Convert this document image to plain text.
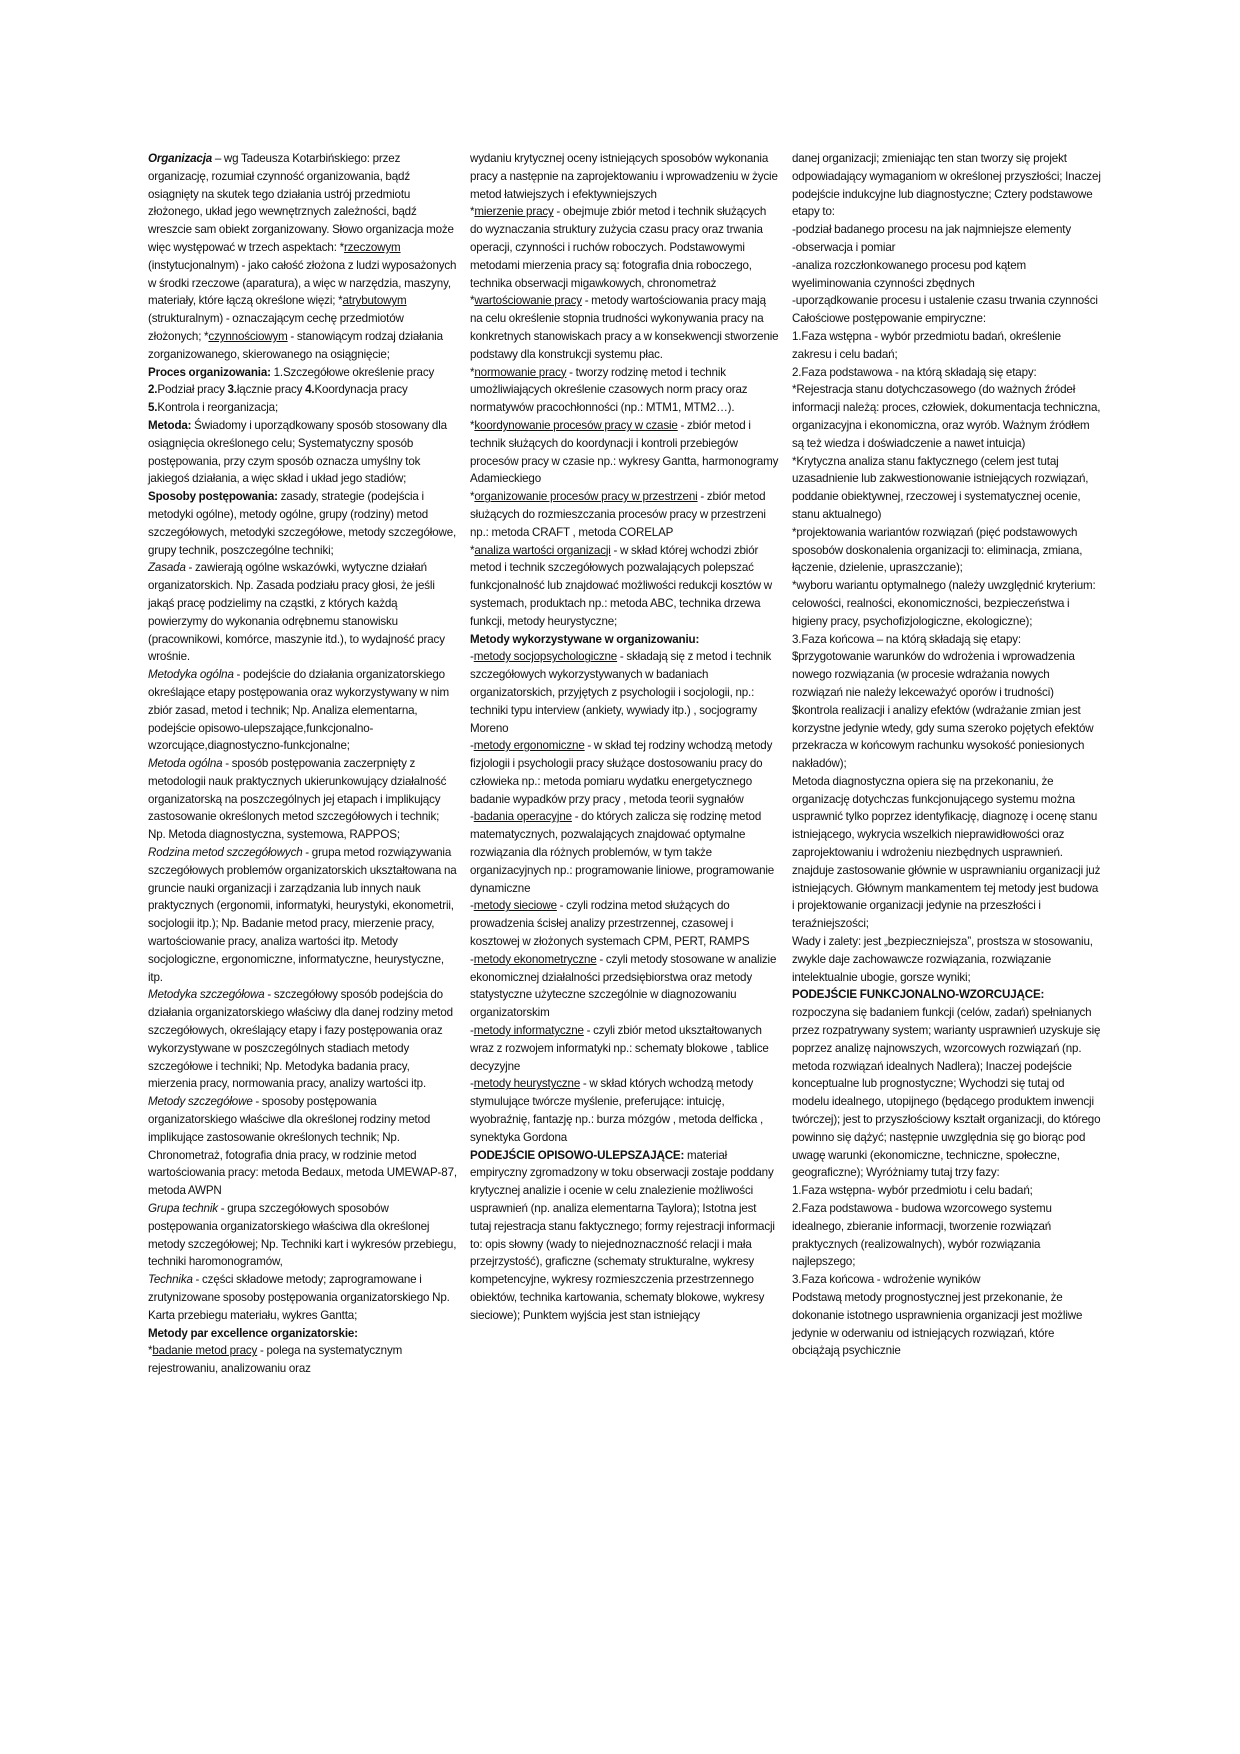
Organizacja – wg Tadeusza Kotarbińskiego: przez organizację, rozumiał czynność organizowania, bądź osiągnięty na skutek tego działania ustrój przedmiotu złożonego, układ jego wewnętrznych zależności, bądź wreszcie sam obiekt zorganizowany. Słowo organizacja może więc występować w trzech aspektach: *rzeczowym (instytucjonalnym) - jako całość złożona z ludzi wyposażonych w środki rzeczowe (aparatura), a więc w narzędzia, maszyny, materiały, które łączą określone więzi; *atrybutowym (strukturalnym) - oznaczającym cechę przedmiotów złożonych; *czynnościowym - stanowiącym rodzaj działania zorganizowanego, skierowanego na osiągnięcie;

Proces organizowania: 1.Szczegółowe określenie pracy 2.Podział pracy 3.łącznie pracy 4.Koordynacja pracy 5.Kontrola i reorganizacja;

Metoda: Świadomy i uporządkowany sposób stosowany dla osiągnięcia określonego celu; Systematyczny sposób postępowania, przy czym sposób oznacza umyślny tok jakiegoś działania, a więc skład i układ jego stadiów;

Sposoby postępowania: zasady, strategie (podejścia i metodyki ogólne), metody ogólne, grupy (rodziny) metod szczegółowych, metodyki szczegółowe, metody szczegółowe, grupy technik, poszczególne techniki;

Zasada - zawierają ogólne wskazówki, wytyczne działań organizatorskich. Np. Zasada podziału pracy głosi, że jeśli jakąś pracę podzielimy na cząstki, z których każdą powierzymy do wykonania odrębnemu stanowisku (pracownikowi, komórce, maszynie itd.), to wydajność pracy wrośnie.

Metodyka ogólna - podejście do działania organizatorskiego określające etapy postępowania oraz wykorzystywany w nim zbiór zasad, metod i technik; Np. Analiza elementarna, podejście opisowo-ulepszające,funkcjonalno-wzorcujące,diagnostyczno-funkcjonalne;

Metoda ogólna - sposób postępowania zaczerpnięty z metodologii nauk praktycznych ukierunkowujący działalność organizatorską na poszczególnych jej etapach i implikujący zastosowanie określonych metod szczegółowych i technik; Np. Metoda diagnostyczna, systemowa, RAPPOS;

Rodzina metod szczegółowych - grupa metod rozwiązywania szczegółowych problemów organizatorskich ukształtowana na gruncie nauki organizacji i zarządzania lub innych nauk praktycznych (ergonomii, informatyki, heurystyki, ekonometrii, socjologii itp.); Np. Badanie metod pracy, mierzenie pracy, wartościowanie pracy, analiza wartości itp. Metody socjologiczne, ergonomiczne, informatyczne, heurystyczne, itp.

Metodyka szczegółowa - szczegółowy sposób podejścia do działania organizatorskiego właściwy dla danej rodziny metod szczegółowych, określający etapy i fazy postępowania oraz wykorzystywane w poszczególnych stadiach metody szczegółowe i techniki; Np. Metodyka badania pracy, mierzenia pracy, normowania pracy, analizy wartości itp.

Metody szczegółowe - sposoby postępowania organizatorskiego właściwe dla określonej rodziny metod implikujące zastosowanie określonych technik; Np. Chronometraż, fotografia dnia pracy, w rodzinie metod wartościowania pracy: metoda Bedaux, metoda UMEWAP-87, metoda AWPN

Grupa technik - grupa szczegółowych sposobów postępowania organizatorskiego właściwa dla określonej metody szczegółowej; Np. Techniki kart i wykresów przebiegu, techniki haromonogramów,

Technika - części składowe metody; zaprogramowane i zrutynizowane sposoby postępowania organizatorskiego Np. Karta przebiegu materiału, wykres Gantta;

Metody par excellence organizatorskie:

*badanie metod pracy - polega na systematycznym rejestrowaniu, analizowaniu oraz

wydaniu krytycznej oceny istniejących sposobów wykonania pracy a następnie na zaprojektowaniu i wprowadzeniu w życie metod łatwiejszych i efektywniejszych

*mierzenie pracy - obejmuje zbiór metod i technik służących do wyznaczania struktury zużycia czasu pracy oraz trwania operacji, czynności i ruchów roboczych. Podstawowymi metodami mierzenia pracy są: fotografia dnia roboczego, technika obserwacji migawkowych, chronometraż

*wartościowanie pracy - metody wartościowania pracy mają na celu określenie stopnia trudności wykonywania pracy na konkretnych stanowiskach pracy a w konsekwencji stworzenie podstawy dla konstrukcji systemu płac.

*normowanie pracy - tworzy rodzinę metod i technik umożliwiających określenie czasowych norm pracy oraz normatywów pracochłonności (np.: MTM1, MTM2…).

*koordynowanie procesów pracy w czasie - zbiór metod i technik służących do koordynacji i kontroli przebiegów procesów pracy w czasie np.: wykresy Gantta, harmonogramy Adamieckiego

*organizowanie procesów pracy w przestrzeni - zbiór metod służących do rozmieszczania procesów pracy w przestrzeni np.: metoda CRAFT , metoda CORELAP

*analiza wartości organizacji - w skład której wchodzi zbiór metod i technik szczegółowych pozwalających polepszać funkcjonalność lub znajdować możliwości redukcji kosztów w systemach, produktach np.: metoda ABC, technika drzewa funkcji, metody heurystyczne;

Metody wykorzystywane w organizowaniu:

-metody socjopsychologiczne - składają się z metod i technik szczegółowych wykorzystywanych w badaniach organizatorskich, przyjętych z psychologii i socjologii, np.: techniki typu interview (ankiety, wywiady itp.) , socjogramy Moreno

-metody ergonomiczne - w skład tej rodziny wchodzą metody fizjologii i psychologii pracy służące dostosowaniu pracy do człowieka np.: metoda pomiaru wydatku energetycznego badanie wypadków przy pracy , metoda teorii sygnałów

-badania operacyjne - do których zalicza się rodzinę metod matematycznych, pozwalających znajdować optymalne rozwiązania dla różnych problemów, w tym także organizacyjnych np.: programowanie liniowe, programowanie dynamiczne

-metody sieciowe - czyli rodzina metod służących do prowadzenia ścisłej analizy przestrzennej, czasowej i kosztowej w złożonych systemach CPM, PERT, RAMPS

-metody ekonometryczne - czyli metody stosowane w analizie ekonomicznej działalności przedsiębiorstwa oraz metody statystyczne użyteczne szczególnie w diagnozowaniu organizatorskim

-metody informatyczne - czyli zbiór metod ukształtowanych wraz z rozwojem informatyki np.: schematy blokowe , tablice decyzyjne

-metody heurystyczne - w skład których wchodzą metody stymulujące twórcze myślenie, preferujące: intuicję, wyobraźnię, fantazję np.: burza mózgów , metoda delficka , synektyka Gordona

PODEJŚCIE OPISOWO-ULEPSZAJĄCE: materiał empiryczny zgromadzony w toku obserwacji zostaje poddany krytycznej analizie i ocenie w celu znalezienie możliwości usprawnień (np. analiza elementarna Taylora); Istotna jest tutaj rejestracja stanu faktycznego; formy rejestracji informacji to: opis słowny (wady to niejednoznaczność relacji i mała przejrzystość), graficzne (schematy strukturalne, wykresy kompetencyjne, wykresy rozmieszczenia przestrzennego obiektów, technika kartowania, schematy blokowe, wykresy sieciowe); Punktem wyjścia jest stan istniejący

danej organizacji; zmieniając ten stan tworzy się projekt odpowiadający wymaganiom w określonej przyszłości; Inaczej podejście indukcyjne lub diagnostyczne; Cztery podstawowe etapy to:

-podział badanego procesu na jak najmniejsze elementy

-obserwacja i pomiar

-analiza rozczłonkowanego procesu pod kątem wyeliminowania czynności zbędnych

-uporządkowanie procesu i ustalenie czasu trwania czynności

Całościowe postępowanie empiryczne:

1.Faza wstępna - wybór przedmiotu badań, określenie zakresu i celu badań;

2.Faza podstawowa - na którą składają się etapy:

*Rejestracja stanu dotychczasowego (do ważnych źródeł informacji należą: proces, człowiek, dokumentacja techniczna, organizacyjna i ekonomiczna, oraz wyrób. Ważnym źródłem są też wiedza i doświadczenie a nawet intuicja)

*Krytyczna analiza stanu faktycznego (celem jest tutaj uzasadnienie lub zakwestionowanie istniejących rozwiązań, poddanie obiektywnej, rzeczowej i systematycznej ocenie, stanu aktualnego)

*projektowania wariantów rozwiązań (pięć podstawowych sposobów doskonalenia organizacji to: eliminacja, zmiana, łączenie, dzielenie, upraszczanie);

*wyboru wariantu optymalnego (należy uwzględnić kryterium: celowości, realności, ekonomiczności, bezpieczeństwa i higieny pracy, psychofizjologiczne, ekologiczne);

3.Faza końcowa – na którą składają się etapy:

$przygotowanie warunków do wdrożenia i wprowadzenia nowego rozwiązania (w procesie wdrażania nowych rozwiązań nie należy lekceważyć oporów i trudności)

$kontrola realizacji i analizy efektów (wdrażanie zmian jest korzystne jedynie wtedy, gdy suma szeroko pojętych efektów przekracza w końcowym rachunku wysokość poniesionych nakładów);

Metoda diagnostyczna opiera się na przekonaniu, że organizację dotychczas funkcjonującego systemu można usprawnić tylko poprzez identyfikację, diagnozę i ocenę stanu istniejącego, wykrycia wszelkich nieprawidłowości oraz zaprojektowaniu i wdrożeniu niezbędnych usprawnień. znajduje zastosowanie głównie w usprawnianiu organizacji już istniejących. Głównym mankamentem tej metody jest budowa i projektowanie organizacji jedynie na przeszłości i teraźniejszości;

Wady i zalety: jest „bezpieczniejsza”, prostsza w stosowaniu, zwykle daje zachowawcze rozwiązania, rozwiązanie intelektualnie ubogie, gorsze wyniki;

PODEJŚCIE FUNKCJONALNO-WZORCUJĄCE: rozpoczyna się badaniem funkcji (celów, zadań) spełnianych przez rozpatrywany system; warianty usprawnień uzyskuje się poprzez analizę najnowszych, wzorcowych rozwiązań (np. metoda rozwiązań idealnych Nadlera); Inaczej podejście konceptualne lub prognostyczne; Wychodzi się tutaj od modelu idealnego, utopijnego (będącego produktem inwencji twórczej); jest to przyszłościowy kształt organizacji, do którego powinno się dążyć; następnie uwzględnia się go biorąc pod uwagę warunki (ekonomiczne, techniczne, społeczne, geograficzne); Wyróżniamy tutaj trzy fazy:

1.Faza wstępna- wybór przedmiotu i celu badań;

2.Faza podstawowa - budowa wzorcowego systemu idealnego, zbieranie informacji, tworzenie rozwiązań praktycznych (realizowalnych), wybór rozwiązania najlepszego;

3.Faza końcowa - wdrożenie wyników

Podstawą metody prognostycznej jest przekonanie, że dokonanie istotnego usprawnienia organizacji jest możliwe jedynie w oderwaniu od istniejących rozwiązań, które obciążają psychicznie
